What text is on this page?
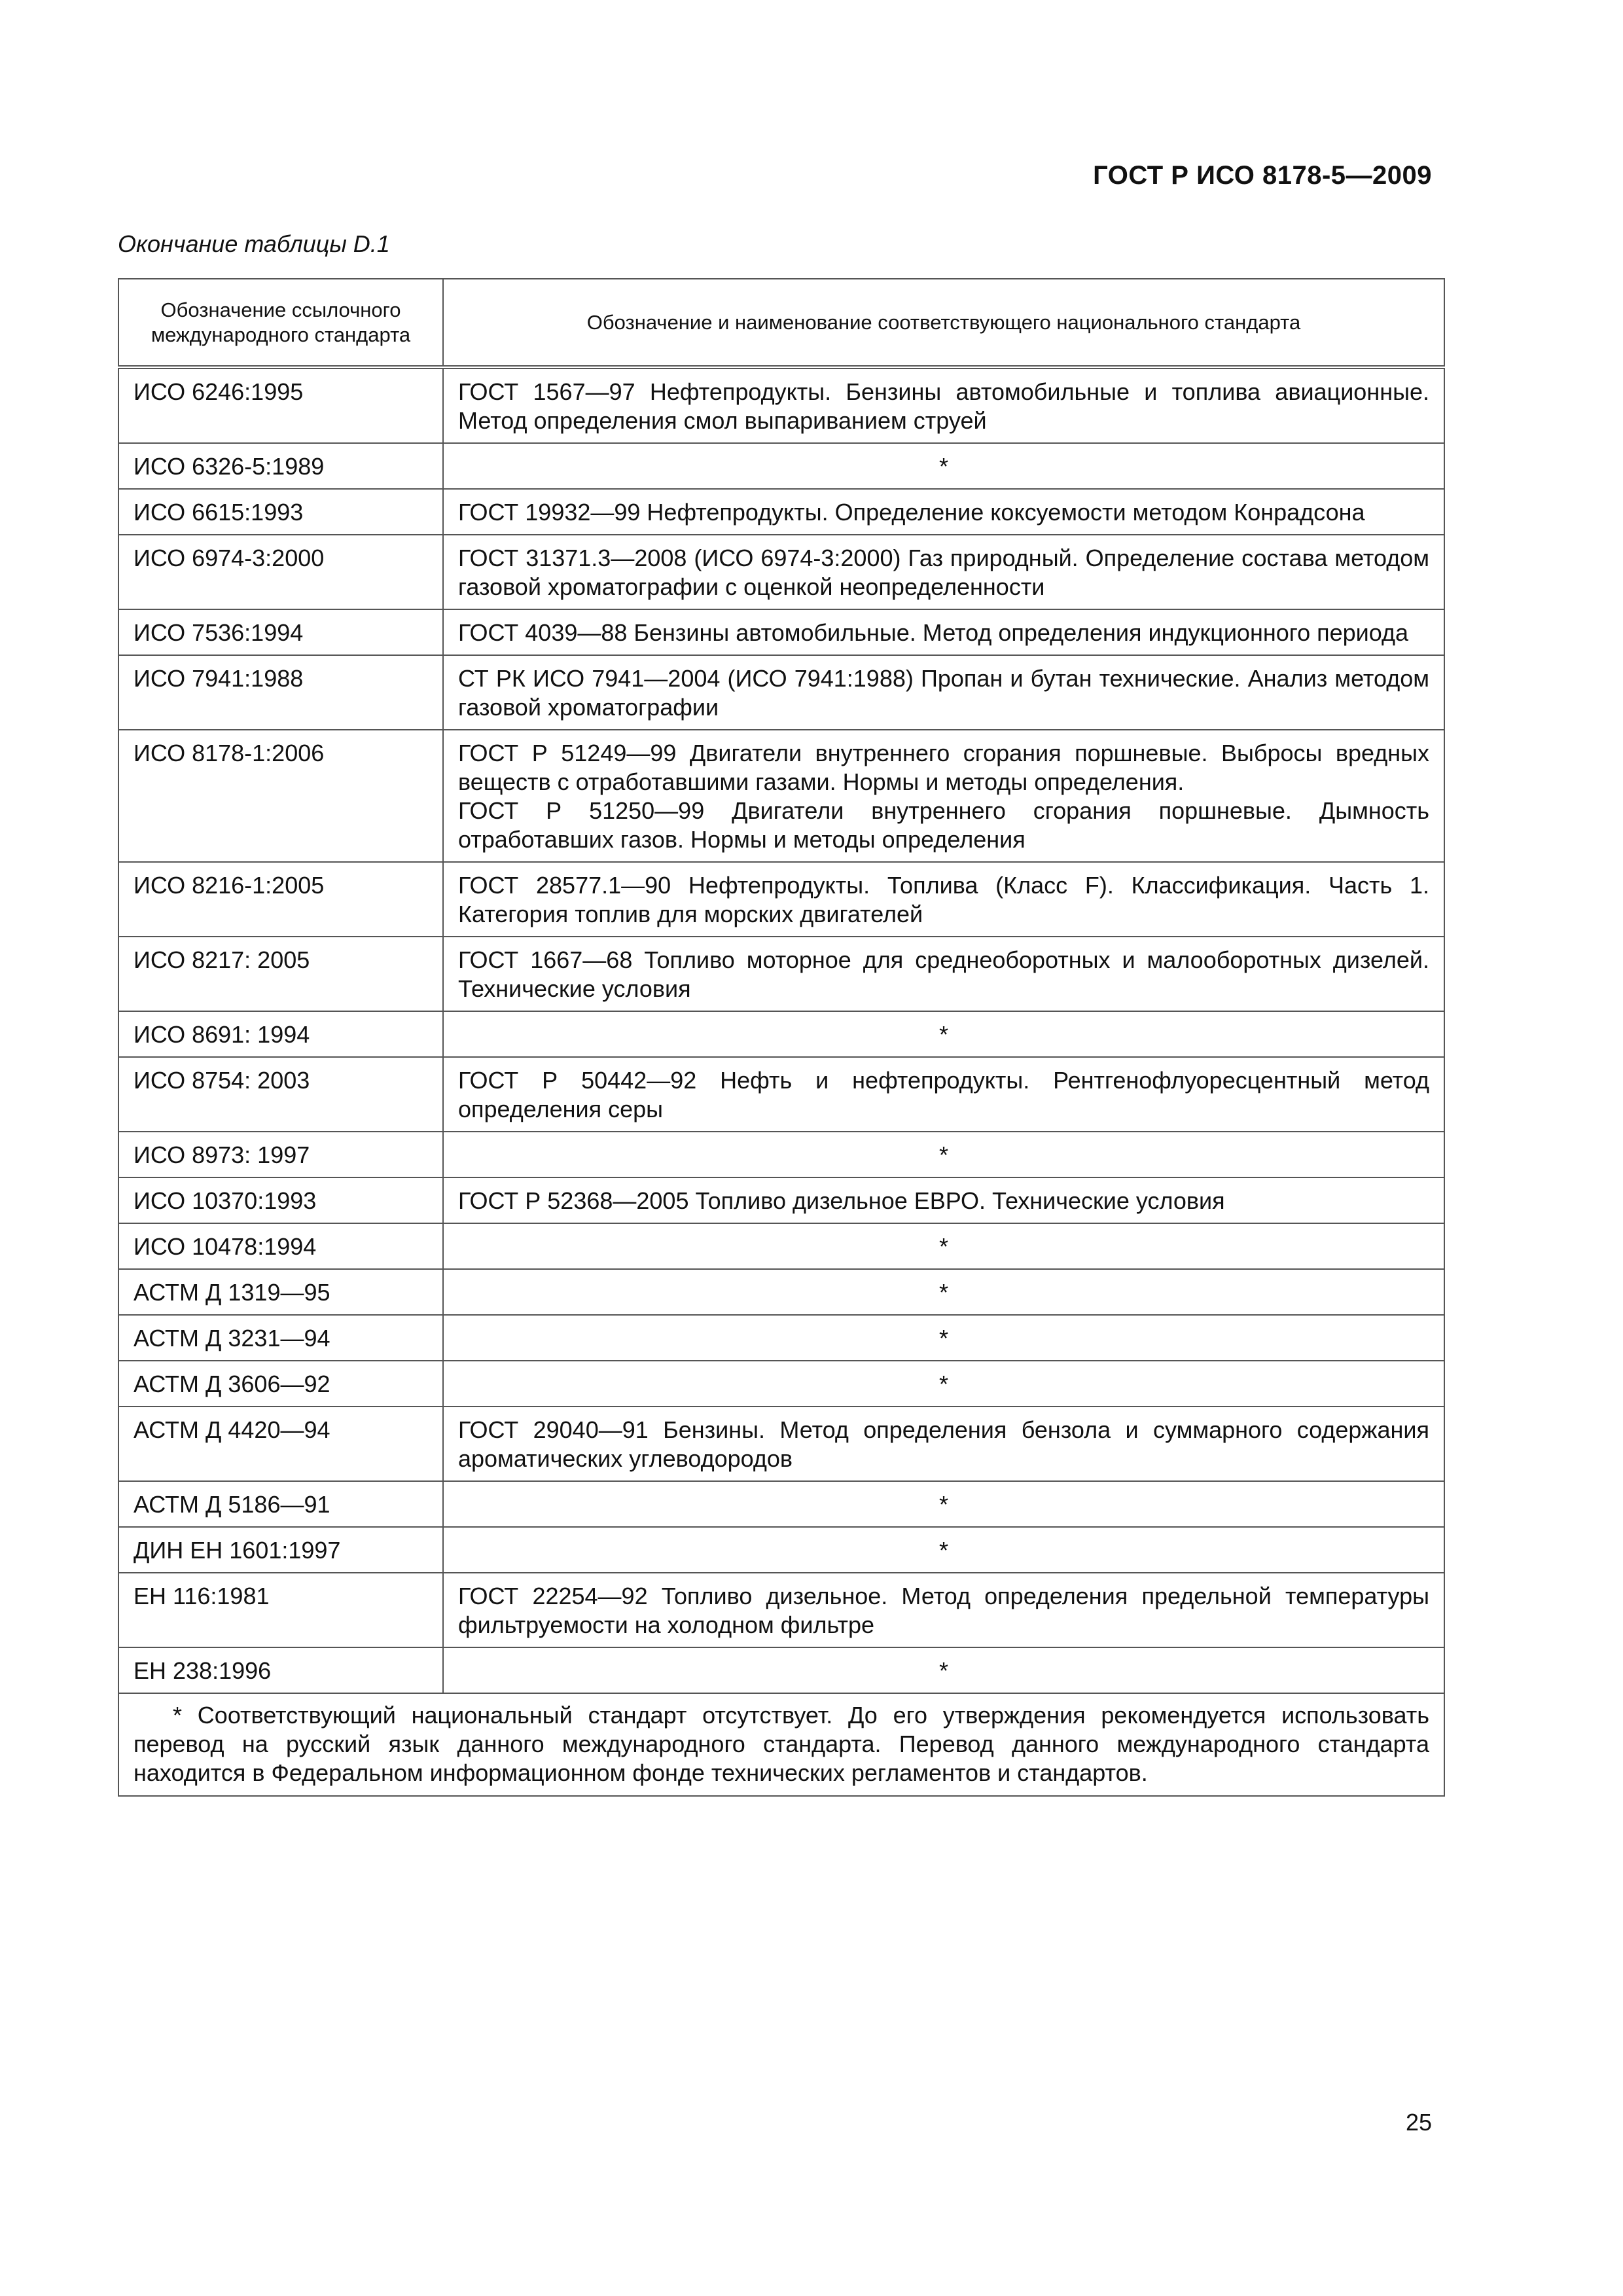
ГОСТ Р ИСО 8178-5—2009
Окончание таблицы D.1
Обозначение ссылочного международного стандарта	Обозначение и наименование соответствующего национального стандарта
ИСО 6246:1995	ГОСТ 1567—97 Нефтепродукты. Бензины автомобильные и топлива авиационные. Метод определения смол выпариванием струей

ИСО 6326-5:1989	*

ИСО 6615:1993	ГОСТ 19932—99 Нефтепродукты. Определение коксуемости методом Конрадсона

ИСО 6974-3:2000	ГОСТ 31371.3—2008 (ИСО 6974-3:2000) Газ природный. Определение состава методом газовой хроматографии с оценкой неопределенности

ИСО 7536:1994	ГОСТ 4039—88 Бензины автомобильные. Метод определения индукционного периода

ИСО 7941:1988	СТ РК ИСО 7941—2004 (ИСО 7941:1988) Пропан и бутан технические. Анализ методом газовой хроматографии

ИСО 8178-1:2006	ГОСТ Р 51249—99 Двигатели внутреннего сгорания поршневые. Выбросы вредных веществ с отработавшими газами. Нормы и методы определения.
ГОСТ Р 51250—99 Двигатели внутреннего сгорания поршневые. Дымность отработавших газов. Нормы и методы определения

ИСО 8216-1:2005	ГОСТ 28577.1—90 Нефтепродукты. Топлива (Класс F). Классификация. Часть 1. Категория топлив для морских двигателей

ИСО 8217: 2005	ГОСТ 1667—68 Топливо моторное для среднеоборотных и малооборотных дизелей. Технические условия

ИСО 8691: 1994	*

ИСО 8754: 2003	ГОСТ Р 50442—92 Нефть и нефтепродукты. Рентгенофлуоресцентный метод определения серы

ИСО 8973: 1997	*

ИСО 10370:1993	ГОСТ Р 52368—2005 Топливо дизельное ЕВРО. Технические условия

ИСО 10478:1994	*

АСТМ Д 1319—95	*

АСТМ Д 3231—94	*

АСТМ Д 3606—92	*

АСТМ Д 4420—94	ГОСТ 29040—91 Бензины. Метод определения бензола и суммарного содержания ароматических углеводородов

АСТМ Д 5186—91	*

ДИН ЕН 1601:1997	*

ЕН 116:1981	ГОСТ 22254—92 Топливо дизельное. Метод определения предельной температуры фильтруемости на холодном фильтре

ЕН 238:1996	*

* Соответствующий национальный стандарт отсутствует. До его утверждения рекомендуется использовать перевод на русский язык данного международного стандарта. Перевод данного международного стандарта находится в Федеральном информационном фонде технических регламентов и стандартов.	
25
